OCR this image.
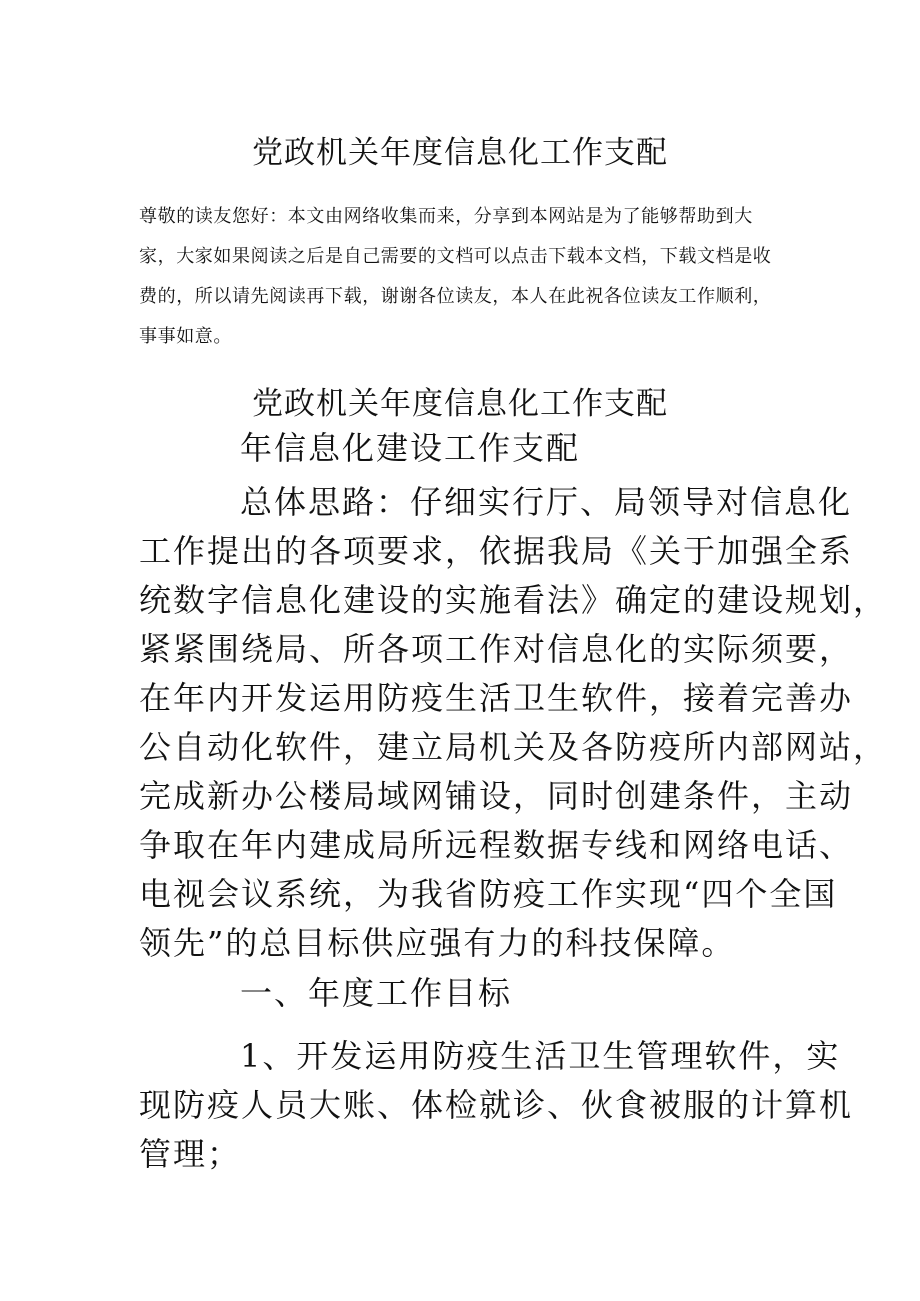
党政机关年度信息化工作支配
尊敬的读友您好：本文由网络收集而来，分享到本网站是为了能够帮助到大家，大家如果阅读之后是自己需要的文档可以点击下载本文档，下载文档是收费的，所以请先阅读再下载，谢谢各位读友，本人在此祝各位读友工作顺利，事事如意。
党政机关年度信息化工作支配
年信息化建设工作支配
总体思路：仔细实行厅、局领导对信息化
工作提出的各项要求，依据我局《关于加强全系
统数字信息化建设的实施看法》确定的建设规划，
紧紧围绕局、所各项工作对信息化的实际须要，
在年内开发运用防疫生活卫生软件，接着完善办
公自动化软件，建立局机关及各防疫所内部网站，
完成新办公楼局域网铺设，同时创建条件，主动
争取在年内建成局所远程数据专线和网络电话、
电视会议系统，为我省防疫工作实现“四个全国
领先”的总目标供应强有力的科技保障。
一、年度工作目标
1、开发运用防疫生活卫生管理软件，实
现防疫人员大账、体检就诊、伙食被服的计算机
管理；
